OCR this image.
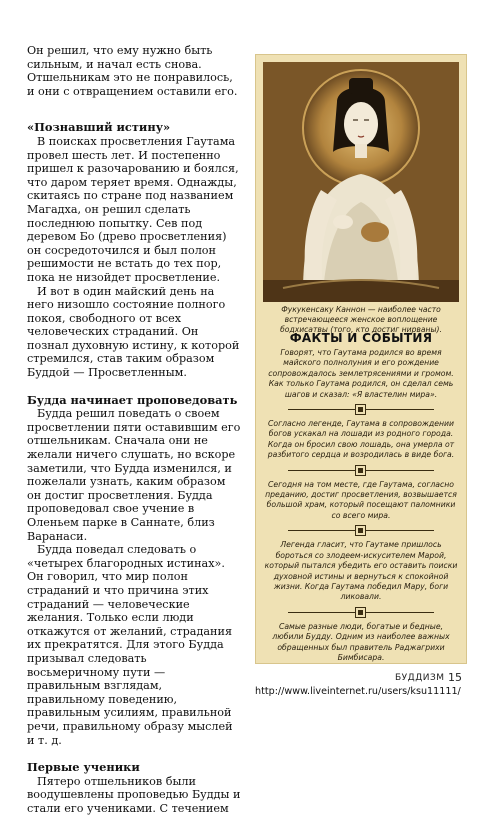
Он решил, что ему нужно быть сильным, и начал есть снова. Отшельникам это не понравилось, и они с отвращением оставили его.

«Познавший истину»

В поисках просветления Гаутама провел шесть лет. И постепенно пришел к разочарованию и боялся, что даром теряет время. Однажды, скитаясь по стране под названием Магадха, он решил сделать последнюю попытку. Сев под деревом Бо (древо просветления) он сосредоточился и был полон решимости не встать до тех пор, пока не низойдет просветление.

И вот в один майский день на него низошло состояние полного покоя, свободного от всех человеческих страданий. Он познал духовную истину, к которой стремился, став таким образом Буддой — Просветленным.

Будда начинает проповедовать

Будда решил поведать о своем просветлении пяти оставившим его отшельникам. Сначала они не желали ничего слушать, но вскоре заметили, что Будда изменился, и пожелали узнать, каким образом он достиг просветления. Будда проповедовал свое учение в Оленьем парке в Саннате, близ Варанаси.

Будда поведал следовать о «четырех благородных истинах». Он говорил, что мир полон страданий и что причина этих страданий — человеческие желания. Только если люди откажутся от желаний, страдания их прекратятся. Для этого Будда призывал следовать восьмеричному пути — правильным взглядам, правильному поведению, правильным усилиям, правильной речи, правильному образу мыслей и т. д.

Первые ученики

Пятеро отшельников были воодушевлены проповедью Будды и стали его учениками. С течением

Фукукенсаку Каннон — наиболее часто встречающееся женское воплощение бодхисатвы (того, кто достиг нирваны).
ФАКТЫ И СОБЫТИЯ

Говорят, что Гаутама родился во время майского полнолуния и его рождение сопровождалось землетрясениями и громом. Как только Гаутама родился, он сделал семь шагов и сказал: «Я властелин мира».

Согласно легенде, Гаутама в сопровождении богов ускакал на лошади из родного города. Когда он бросил свою лошадь, она умерла от разбитого сердца и возродилась в виде бога.

Сегодня на том месте, где Гаутама, согласно преданию, достиг просветления, возвышается большой храм, который посещают паломники со всего мира.

Легенда гласит, что Гаутаме пришлось бороться со злодеем-искусителем Марой, который пытался убедить его оставить поиски духовной истины и вернуться к спокойной жизни. Когда Гаутама победил Мару, боги ликовали.

Самые разные люди, богатые и бедные, любили Будду. Одним из наиболее важных обращенных был правитель Раджагрихи Бимбисара.

БУДДИЗМ 15
http://www.liveinternet.ru/users/ksu11111/
